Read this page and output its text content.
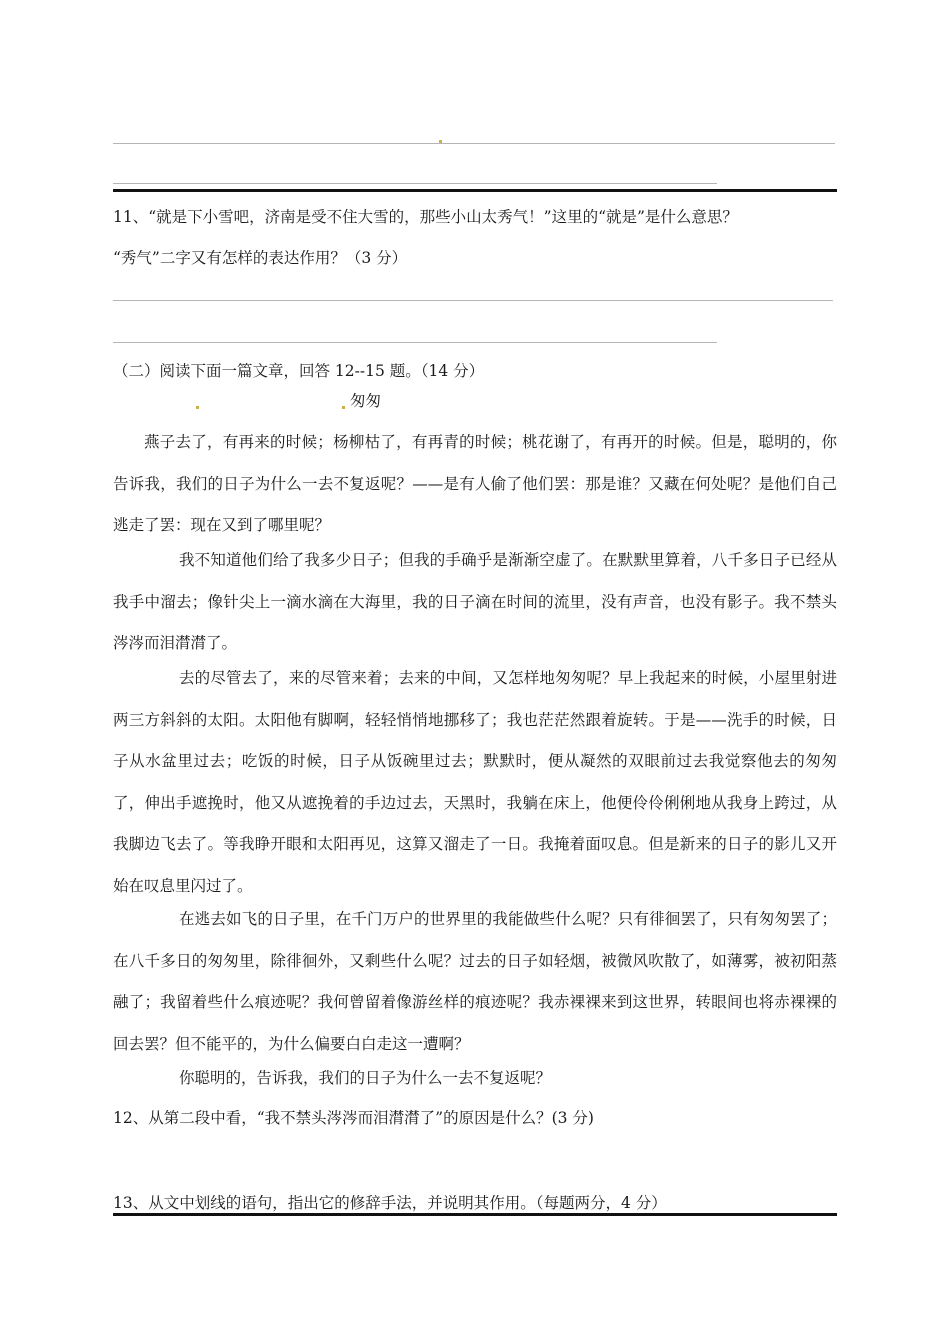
11、“就是下小雪吧，济南是受不住大雪的，那些小山太秀气！”这里的“就是”是什么意思？
“秀气”二字又有怎样的表达作用？（3 分）
（二）阅读下面一篇文章，回答 12--15 题。（14 分）
匆匆
燕子去了，有再来的时候；杨柳枯了，有再青的时候；桃花谢了，有再开的时候。但是，聪明的，你告诉我，我们的日子为什么一去不复返呢？——是有人偷了他们罢：那是谁？又藏在何处呢？是他们自己逃走了罢：现在又到了哪里呢？
我不知道他们给了我多少日子；但我的手确乎是渐渐空虚了。在默默里算着，八千多日子已经从我手中溜去；像针尖上一滴水滴在大海里，我的日子滴在时间的流里，没有声音，也没有影子。我不禁头涔涔而泪潸潸了。
去的尽管去了，来的尽管来着；去来的中间，又怎样地匆匆呢？早上我起来的时候，小屋里射进两三方斜斜的太阳。太阳他有脚啊，轻轻悄悄地挪移了；我也茫茫然跟着旋转。于是——洗手的时候，日子从水盆里过去；吃饭的时候，日子从饭碗里过去；默默时，便从凝然的双眼前过去我觉察他去的匆匆了，伸出手遮挽时，他又从遮挽着的手边过去，天黑时，我躺在床上，他便伶伶俐俐地从我身上跨过，从我脚边飞去了。等我睁开眼和太阳再见，这算又溜走了一日。我掩着面叹息。但是新来的日子的影儿又开始在叹息里闪过了。
在逃去如飞的日子里，在千门万户的世界里的我能做些什么呢？只有徘徊罢了，只有匆匆罢了；在八千多日的匆匆里，除徘徊外，又剩些什么呢？过去的日子如轻烟，被微风吹散了，如薄雾，被初阳蒸融了；我留着些什么痕迹呢？我何曾留着像游丝样的痕迹呢？我赤裸裸来到这世界，转眼间也将赤裸裸的回去罢？但不能平的，为什么偏要白白走这一遭啊？
你聪明的，告诉我，我们的日子为什么一去不复返呢？
12、从第二段中看，“我不禁头涔涔而泪潸潸了”的原因是什么？(3 分)
13、从文中划线的语句，指出它的修辞手法，并说明其作用。（每题两分，4 分）
